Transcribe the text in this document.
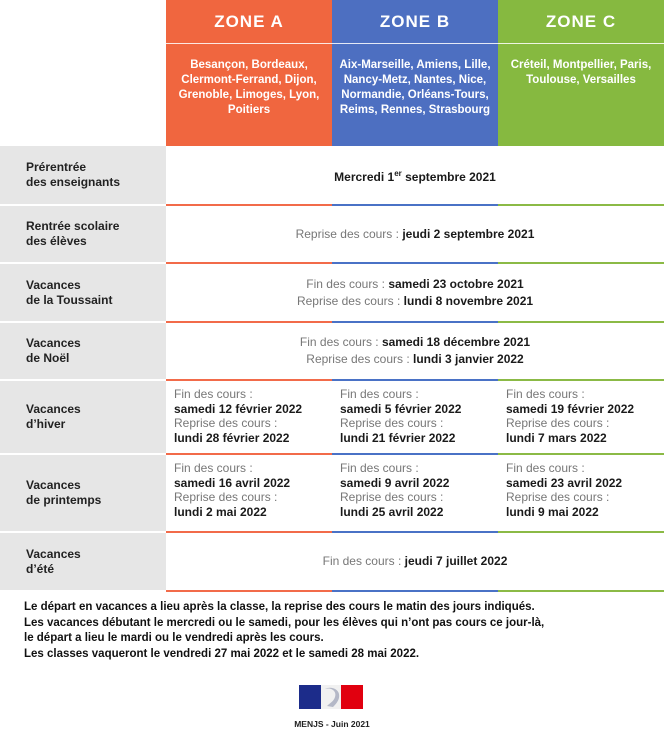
ZONE A
Besançon, Bordeaux, Clermont-Ferrand, Dijon, Grenoble, Limoges, Lyon, Poitiers
ZONE B
Aix-Marseille, Amiens, Lille, Nancy-Metz, Nantes, Nice, Normandie, Orléans-Tours, Reims, Rennes, Strasbourg
ZONE C
Créteil, Montpellier, Paris, Toulouse, Versailles
Prérentrée
des enseignants	Mercredi 1er septembre 2021
Rentrée scolaire
des élèves
Reprise des cours : jeudi 2 septembre 2021
Vacances
de la Toussaint
Fin des cours : samedi 23 octobre 2021
Reprise des cours : lundi 8 novembre 2021
Vacances
de Noël
Fin des cours : samedi 18 décembre 2021
Reprise des cours : lundi 3 janvier 2022
Vacances
d’hiver
Fin des cours :
samedi 12 février 2022
Reprise des cours :
lundi 28 février 2022
Fin des cours :
samedi 5 février 2022
Reprise des cours :
lundi 21 février 2022
Fin des cours :
samedi 19 février 2022
Reprise des cours :
lundi 7 mars 2022
Vacances
de printemps
Fin des cours :
samedi 16 avril 2022
Reprise des cours :
lundi 2 mai 2022
Fin des cours :
samedi 9 avril 2022
Reprise des cours :
lundi 25 avril 2022
Fin des cours :
samedi 23 avril 2022
Reprise des cours :
lundi 9 mai 2022
Vacances
d’été
Fin des cours : jeudi 7 juillet 2022
Le départ en vacances a lieu après la classe, la reprise des cours le matin des jours indiqués.
Les vacances débutant le mercredi ou le samedi, pour les élèves qui n’ont pas cours ce jour-là,
le départ a lieu le mardi ou le vendredi après les cours.
Les classes vaqueront le vendredi 27 mai 2022 et le samedi 28 mai 2022.
MENJS - Juin 2021
